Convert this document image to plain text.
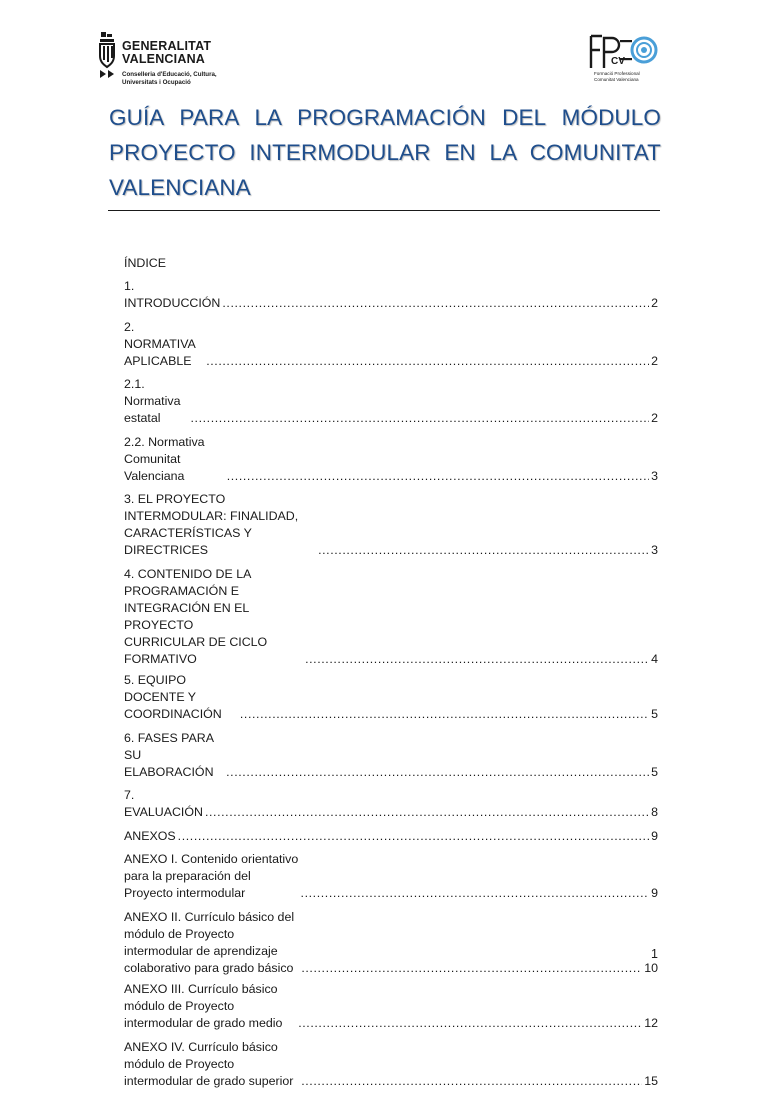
GENERALITAT
VALENCIANA
Conselleria d'Educació, Cultura,
Universitats i Ocupació
CV
Formació Professional
Comunitat Valenciana
GUÍA PARA LA PROGRAMACIÓN DEL MÓDULO PROYECTO INTERMODULAR EN LA COMUNITAT VALENCIANA
ÍNDICE
1. INTRODUCCIÓN .....	2
2. NORMATIVA APLICABLE .....	2
2.1. Normativa estatal .....	2
2.2. Normativa Comunitat Valenciana .....	3
3. EL PROYECTO INTERMODULAR: FINALIDAD, CARACTERÍSTICAS Y DIRECTRICES .....	3
4. CONTENIDO DE LA PROGRAMACIÓN E INTEGRACIÓN EN EL PROYECTO
CURRICULAR DE CICLO FORMATIVO .....	4
5. EQUIPO DOCENTE Y COORDINACIÓN .....	5
6. FASES PARA SU ELABORACIÓN .....	5
7. EVALUACIÓN .....	8
ANEXOS .....	9
ANEXO I. Contenido orientativo para la preparación del Proyecto intermodular .....	9
ANEXO II. Currículo básico del módulo de Proyecto intermodular de aprendizaje
colaborativo para grado básico .....	10
ANEXO III. Currículo básico módulo de Proyecto intermodular de grado medio .....	12
ANEXO IV. Currículo básico módulo de Proyecto intermodular de grado superior .....	15
1
